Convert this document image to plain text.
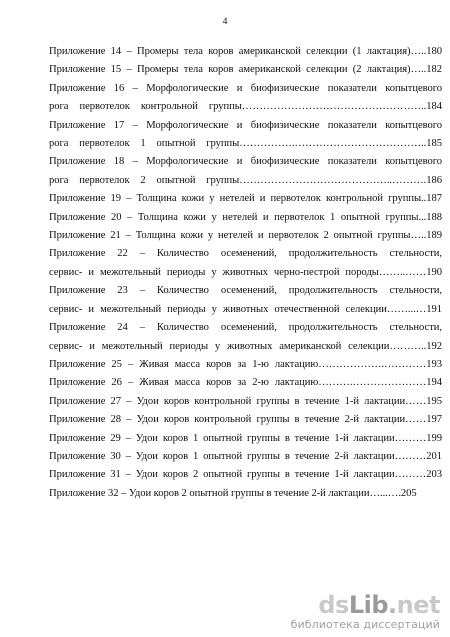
4
Приложение 14 – Промеры тела коров американской селекции (1 лактация)…..180
Приложение 15 – Промеры тела коров американской селекции (2 лактация)…..182
Приложение 16 – Морфологические и биофизические показатели копытцевого
рога первотелок контрольной группы……………………………………………..184
Приложение 17 – Морфологические и биофизические показатели копытцевого
рога первотелок 1 опытной группы…………….………………………………..185
Приложение 18 – Морфологические и биофизические показатели копытцевого
рога первотелок 2 опытной группы……………………………………..……….186
Приложение 19 – Толщина кожи у нетелей и первотелок контрольной группы..187
Приложение 20 – Толщина кожи у нетелей и первотелок 1 опытной группы...188
Приложение 21 – Толщина кожи у нетелей и первотелок 2 опытной группы…..189
Приложение 22 – Количество осеменений, продолжительность стельности,
сервис- и межотельный периоды у животных черно-пестрой породы……..……190
Приложение 23 – Количество осеменений, продолжительность стельности,
сервис- и межотельный периоды у животных отечественной селекции……...…191
Приложение 24 – Количество осеменений, продолжительность стельности,
сервис- и межотельный периоды у животных американской селекции………..192
Приложение 25 – Живая масса коров за 1-ю лактацию……………….…………193
Приложение 26 – Живая масса коров за 2-ю лактацию……….…………………194
Приложение 27 – Удои коров контрольной группы в течение 1-й лактации……195
Приложение 28 – Удои коров контрольной группы в течение 2-й лактации……197
Приложение 29 – Удои коров 1 опытной группы в течение 1-й лактации………199
Приложение 30 – Удои коров 1 опытной группы в течение 2-й лактации………201
Приложение 31 – Удои коров 2 опытной группы в течение 1-й лактации………203
Приложение 32 – Удои коров 2 опытной группы в течение 2-й лактации…...….205
dsLib.net
библиотека диссертаций
